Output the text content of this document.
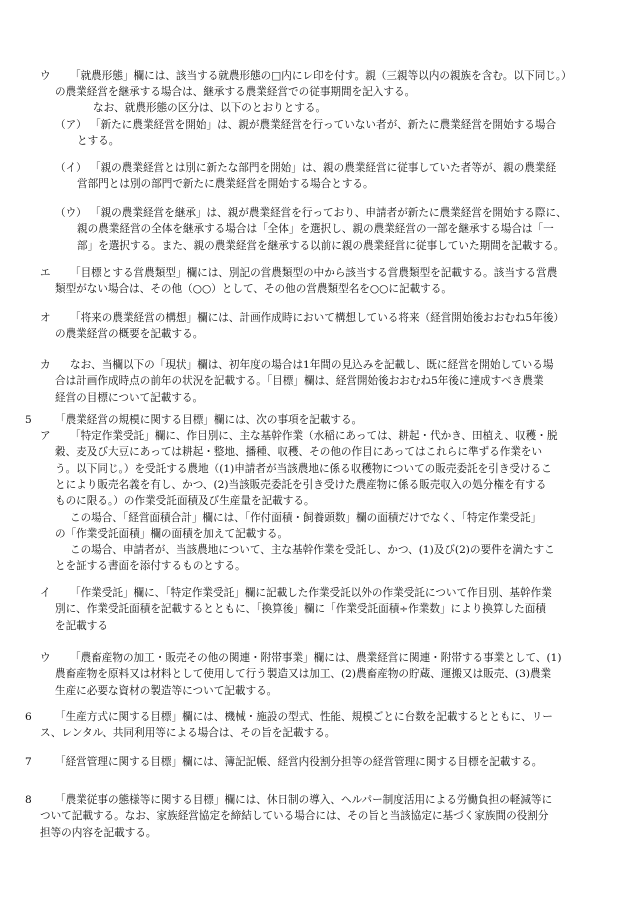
ウ 「就農形態」欄には、該当する就農形態の□内にレ印を付す。親（三親等以内の親族を含む。以下同じ。）
の農業経営を継承する場合は、継承する農業経営での従事期間を記入する。
なお、就農形態の区分は、以下のとおりとする。
（ア） 「新たに農業経営を開始」は、親が農業経営を行っていない者が、新たに農業経営を開始する場合
とする。
（イ） 「親の農業経営とは別に新たな部門を開始」は、親の農業経営に従事していた者等が、親の農業経
営部門とは別の部門で新たに農業経営を開始する場合とする。
（ウ） 「親の農業経営を継承」は、親が農業経営を行っており、申請者が新たに農業経営を開始する際に、
親の農業経営の全体を継承する場合は「全体」を選択し、親の農業経営の一部を継承する場合は「一
部」を選択する。また、親の農業経営を継承する以前に親の農業経営に従事していた期間を記載する。
エ 「目標とする営農類型」欄には、別記の営農類型の中から該当する営農類型を記載する。該当する営農
類型がない場合は、その他（○○）として、その他の営農類型名を○○に記載する。
オ 「将来の農業経営の構想」欄には、計画作成時において構想している将来（経営開始後おおむね5年後）
の農業経営の概要を記載する。
カ なお、当欄以下の「現状」欄は、初年度の場合は1年間の見込みを記載し、既に経営を開始している場
合は計画作成時点の前年の状況を記載する。「目標」欄は、経営開始後おおむね5年後に達成すべき農業
経営の目標について記載する。
5 「農業経営の規模に関する目標」欄には、次の事項を記載する。
ア 「特定作業受託」欄に、作目別に、主な基幹作業（水稲にあっては、耕起・代かき、田植え、収穫・脱
穀、麦及び大豆にあっては耕起・整地、播種、収穫、その他の作目にあってはこれらに準ずる作業をい
う。以下同じ。）を受託する農地（(1)申請者が当該農地に係る収穫物についての販売委託を引き受けるこ
とにより販売名義を有し、かつ、(2)当該販売委託を引き受けた農産物に係る販売収入の処分権を有する
ものに限る。）の作業受託面積及び生産量を記載する。
この場合、「経営面積合計」欄には、「作付面積・飼養頭数」欄の面積だけでなく、「特定作業受託」
の「作業受託面積」欄の面積を加えて記載する。
この場合、申請者が、当該農地について、主な基幹作業を受託し、かつ、(1)及び(2)の要件を満たすこ
とを証する書面を添付するものとする。
イ 「作業受託」欄に、「特定作業受託」欄に記載した作業受託以外の作業受託について作目別、基幹作業
別に、作業受託面積を記載するとともに、「換算後」欄に「作業受託面積÷作業数」により換算した面積
を記載する
ウ 「農畜産物の加工・販売その他の関連・附帯事業」欄には、農業経営に関連・附帯する事業として、(1)
農畜産物を原料又は材料として使用して行う製造又は加工、(2)農畜産物の貯蔵、運搬又は販売、(3)農業
生産に必要な資材の製造等について記載する。
6 「生産方式に関する目標」欄には、機械・施設の型式、性能、規模ごとに台数を記載するとともに、リー
ス、レンタル、共同利用等による場合は、その旨を記載する。
7 「経営管理に関する目標」欄には、簿記記帳、経営内役割分担等の経営管理に関する目標を記載する。
8 「農業従事の態様等に関する目標」欄には、休日制の導入、ヘルパー制度活用による労働負担の軽減等に
ついて記載する。なお、家族経営協定を締結している場合には、その旨と当該協定に基づく家族間の役割分
担等の内容を記載する。
